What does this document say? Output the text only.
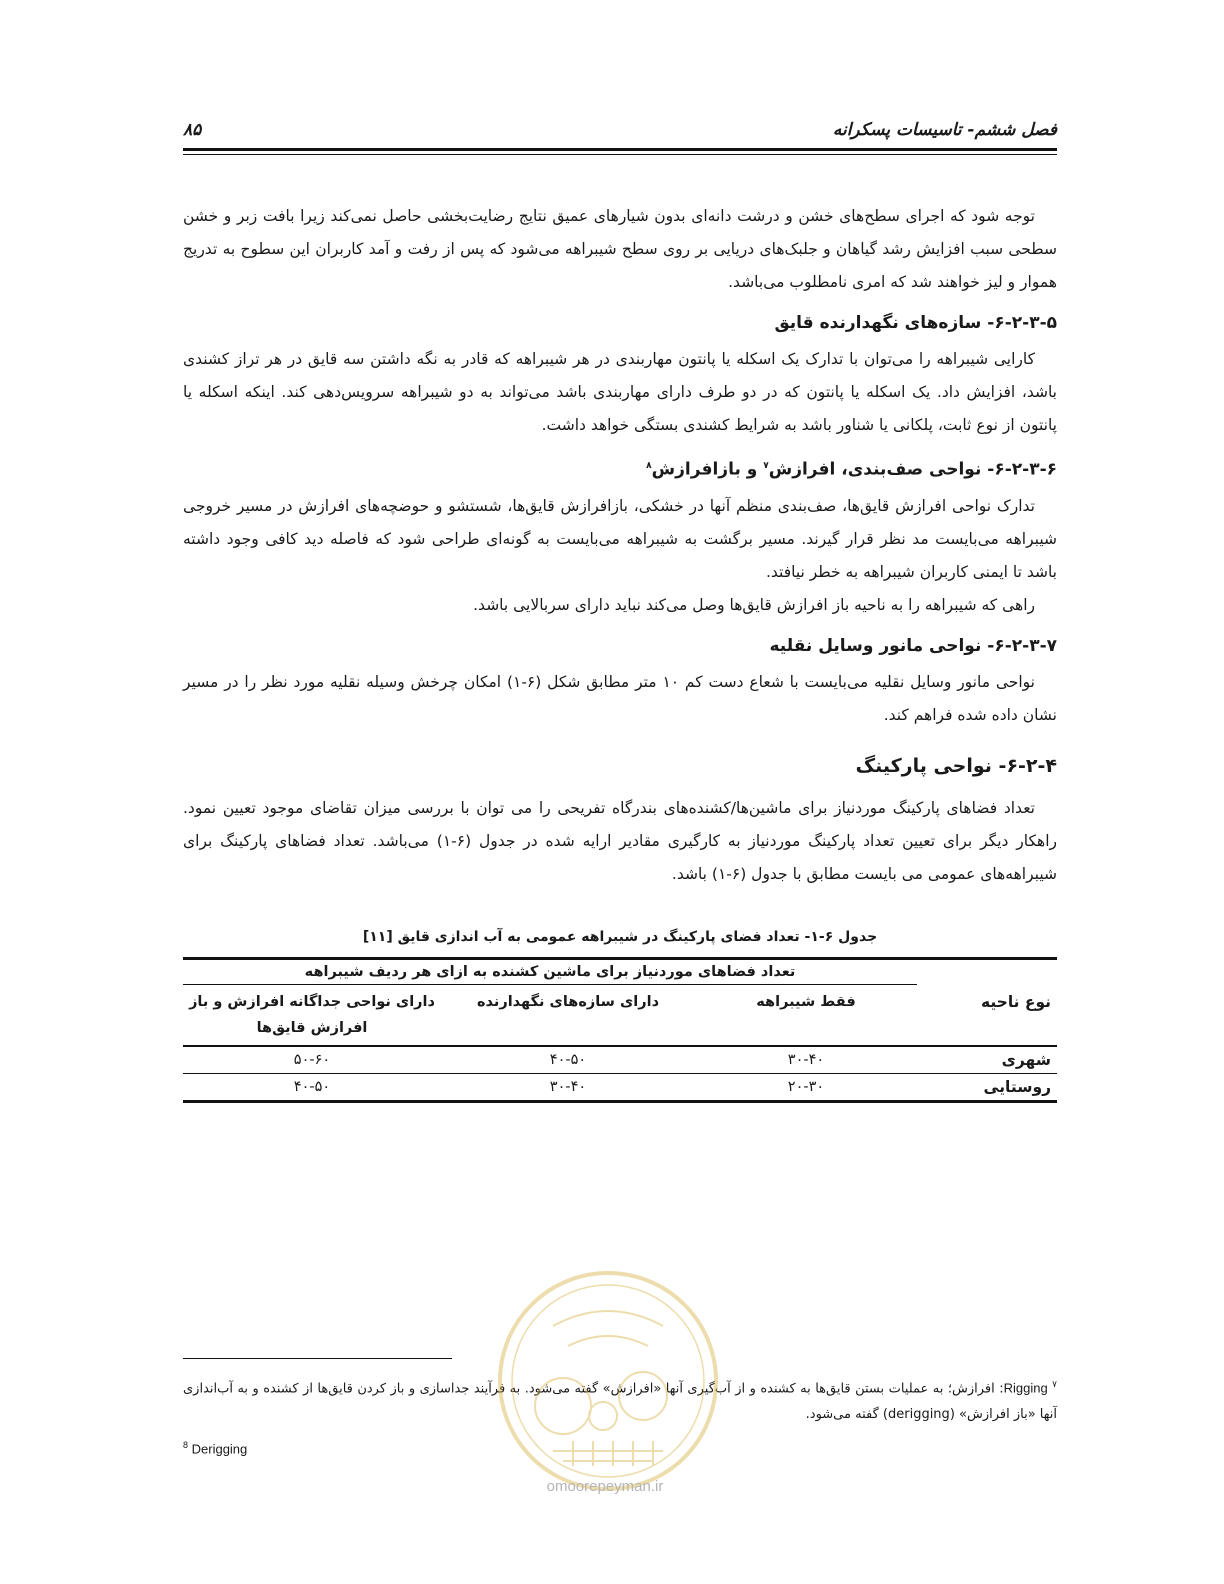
فصل ششم- تاسیسات پسکرانه
۸۵

توجه شود که اجرای سطح‌های خشن و درشت دانه‌ای بدون شیارهای عمیق نتایج رضایت‌بخشی حاصل نمی‌کند زیرا بافت زبر و خشن سطحی سبب افزایش رشد گیاهان و جلبک‌های دریایی بر روی سطح شیبراهه می‌شود که پس از رفت و آمد کاربران این سطوح به تدریج هموار و لیز خواهند شد که امری نامطلوب می‌باشد.

۶-۲-۳-۵- سازه‌های نگهدارنده قایق

کارایی شیبراهه را می‌توان با تدارک یک اسکله یا پانتون مهاربندی در هر شیبراهه که قادر به نگه داشتن سه قایق در هر تراز کشندی باشد، افزایش داد. یک اسکله یا پانتون که در دو طرف دارای مهاربندی باشد می‌تواند به دو شیبراهه سرویس‌دهی کند. اینکه اسکله یا پانتون از نوع ثابت، پلکانی یا شناور باشد به شرایط کشندی بستگی خواهد داشت.

۶-۲-۳-۶- نواحی صف‌بندی، افرازش$^۷$ و بازافرازش$^۸$

تدارک نواحی افرازش قایق‌ها، صف‌بندی منظم آنها در خشکی، بازافرازش قایق‌ها، شستشو و حوضچه‌های افرازش در مسیر خروجی شیبراهه می‌بایست مد نظر قرار گیرند. مسیر برگشت به شیبراهه می‌بایست به گونه‌ای طراحی شود که فاصله دید کافی وجود داشته باشد تا ایمنی کاربران شیبراهه به خطر نیافتد.

راهی که شیبراهه را به ناحیه باز افرازش قایق‌ها وصل می‌کند نباید دارای سربالایی باشد.

۶-۲-۳-۷- نواحی مانور وسایل نقلیه

نواحی مانور وسایل نقلیه می‌بایست با شعاع دست کم ۱۰ متر مطابق شکل (۶-۱) امکان چرخش وسیله نقلیه مورد نظر را در مسیر نشان داده شده فراهم کند.

۶-۲-۴- نواحی پارکینگ

تعداد فضاهای پارکینگ موردنیاز برای ماشین‌ها/کشنده‌های بندرگاه تفریحی را می توان با بررسی میزان تقاضای موجود تعیین نمود. راهکار دیگر برای تعیین تعداد پارکینگ موردنیاز به کارگیری مقادیر ارایه شده در جدول (۶-۱) می‌باشد. تعداد فضاهای پارکینگ برای شیبراهه‌های عمومی می بایست مطابق با جدول (۶-۱) باشد.

جدول ۶-۱- تعداد فضای پارکینگ در شیبراهه عمومی به آب اندازی قایق [۱۱]
نوع ناحیه	تعداد فضاهای موردنیاز برای ماشین کشنده به ازای هر ردیف شیبراهه		
	فقط شیبراهه	دارای سازه‌های نگهدارنده	دارای نواحی جداگانه افرازش و باز افرازش قایق‌ها
شهری	۳۰-۴۰	۴۰-۵۰	۵۰-۶۰
روستایی	۲۰-۳۰	۳۰-۴۰	۴۰-۵۰
$^۷$ Rigging: افرازش؛ به عملیات بستن قایق‌ها به کشنده و از آب‌گیری آنها «افرازش» گفته می‌شود. به فرآیند جداسازی و باز کردن قایق‌ها از کشنده و به آب‌اندازی آنها «باز افرازش» (derigging) گفته می‌شود.
$^8$ Derigging
omoorepeyman.ir
